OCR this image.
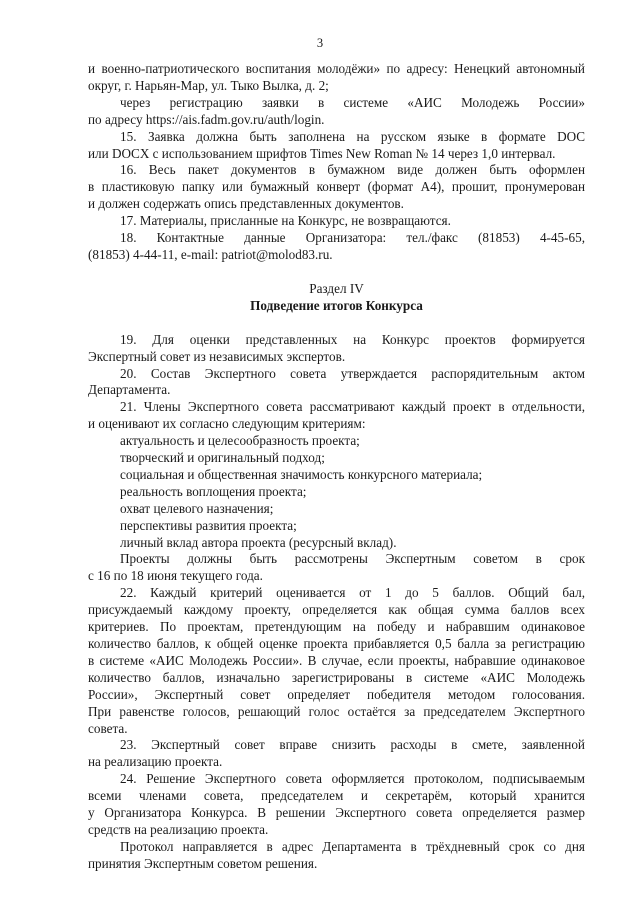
3

и военно-патриотического воспитания молодёжи» по адресу: Ненецкий автономный

округ, г. Нарьян-Мар, ул. Тыко Вылка, д. 2;

через регистрацию заявки в системе «АИС Молодежь России»

по адресу https://ais.fadm.gov.ru/auth/login.

15. Заявка должна быть заполнена на русском языке в формате DOC

или DOCX с использованием шрифтов Times New Roman № 14 через 1,0 интервал.

16. Весь пакет документов в бумажном виде должен быть оформлен

в пластиковую папку или бумажный конверт (формат А4), прошит, пронумерован

и должен содержать опись представленных документов.

17. Материалы, присланные на Конкурс, не возвращаются.

18. Контактные данные Организатора: тел./факс (81853) 4-45-65,

(81853) 4-44-11, e-mail: patriot@molod83.ru.

Раздел IV

Подведение итогов Конкурса

19. Для оценки представленных на Конкурс проектов формируется

Экспертный совет из независимых экспертов.

20. Состав Экспертного совета утверждается распорядительным актом

Департамента.

21. Члены Экспертного совета рассматривают каждый проект в отдельности,

и оценивают их согласно следующим критериям:

актуальность и целесообразность проекта;

творческий и оригинальный подход;

социальная и общественная значимость конкурсного материала;

реальность воплощения проекта;

охват целевого назначения;

перспективы развития проекта;

личный вклад автора проекта (ресурсный вклад).

Проекты должны быть рассмотрены Экспертным советом в срок

с 16 по 18 июня текущего года.

22. Каждый критерий оценивается от 1 до 5 баллов. Общий бал,

присуждаемый каждому проекту, определяется как общая сумма баллов всех

критериев. По проектам, претендующим на победу и набравшим одинаковое

количество баллов, к общей оценке проекта прибавляется 0,5 балла за регистрацию

в системе «АИС Молодежь России». В случае, если проекты, набравшие одинаковое

количество баллов, изначально зарегистрированы в системе «АИС Молодежь

России», Экспертный совет определяет победителя методом голосования.

При равенстве голосов, решающий голос остаётся за председателем Экспертного

совета.

23. Экспертный совет вправе снизить расходы в смете, заявленной

на реализацию проекта.

24. Решение Экспертного совета оформляется протоколом, подписываемым

всеми членами совета, председателем и секретарём, который хранится

у Организатора Конкурса. В решении Экспертного совета определяется размер

средств на реализацию проекта.

Протокол направляется в адрес Департамента в трёхдневный срок со дня

принятия Экспертным советом решения.
